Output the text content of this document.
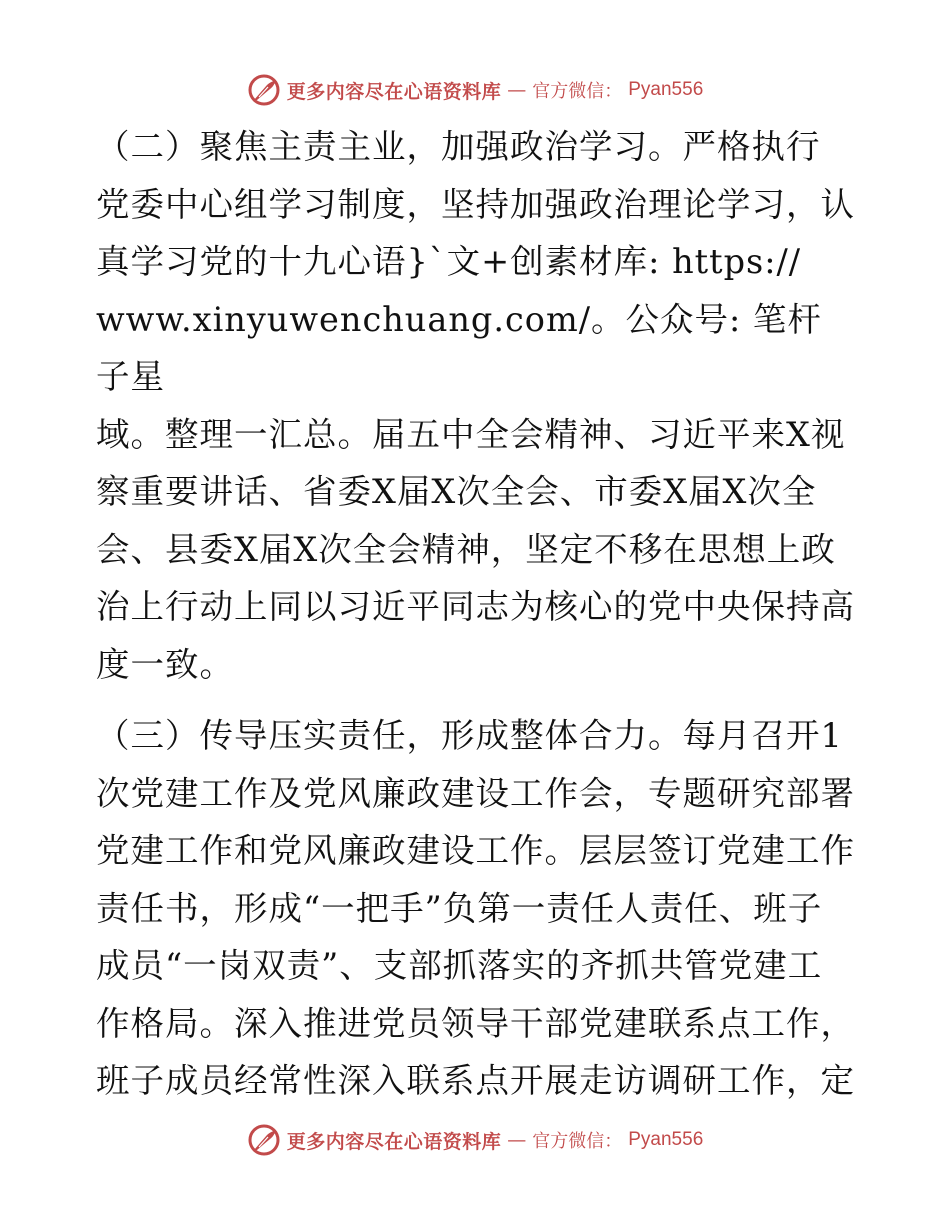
更多内容尽在心语资料库 — 官方微信： Pyan556

（二）聚焦主责主业，加强政治学习。严格执行
党委中心组学习制度，坚持加强政治理论学习，认
真学习党的十九心语}`文+创素材库: https://
www.xinyuwenchuang.com/。公众号: 笔杆子星
域。整理一汇总。届五中全会精神、习近平来X视
察重要讲话、省委X届X次全会、市委X届X次全
会、县委X届X次全会精神，坚定不移在思想上政
治上行动上同以习近平同志为核心的党中央保持高
度一致。

（三）传导压实责任，形成整体合力。每月召开1
次党建工作及党风廉政建设工作会，专题研究部署
党建工作和党风廉政建设工作。层层签订党建工作
责任书，形成“一把手”负第一责任人责任、班子
成员“一岗双责”、支部抓落实的齐抓共管党建工
作格局。深入推进党员领导干部党建联系点工作，
班子成员经常性深入联系点开展走访调研工作，定

更多内容尽在心语资料库 — 官方微信： Pyan556
